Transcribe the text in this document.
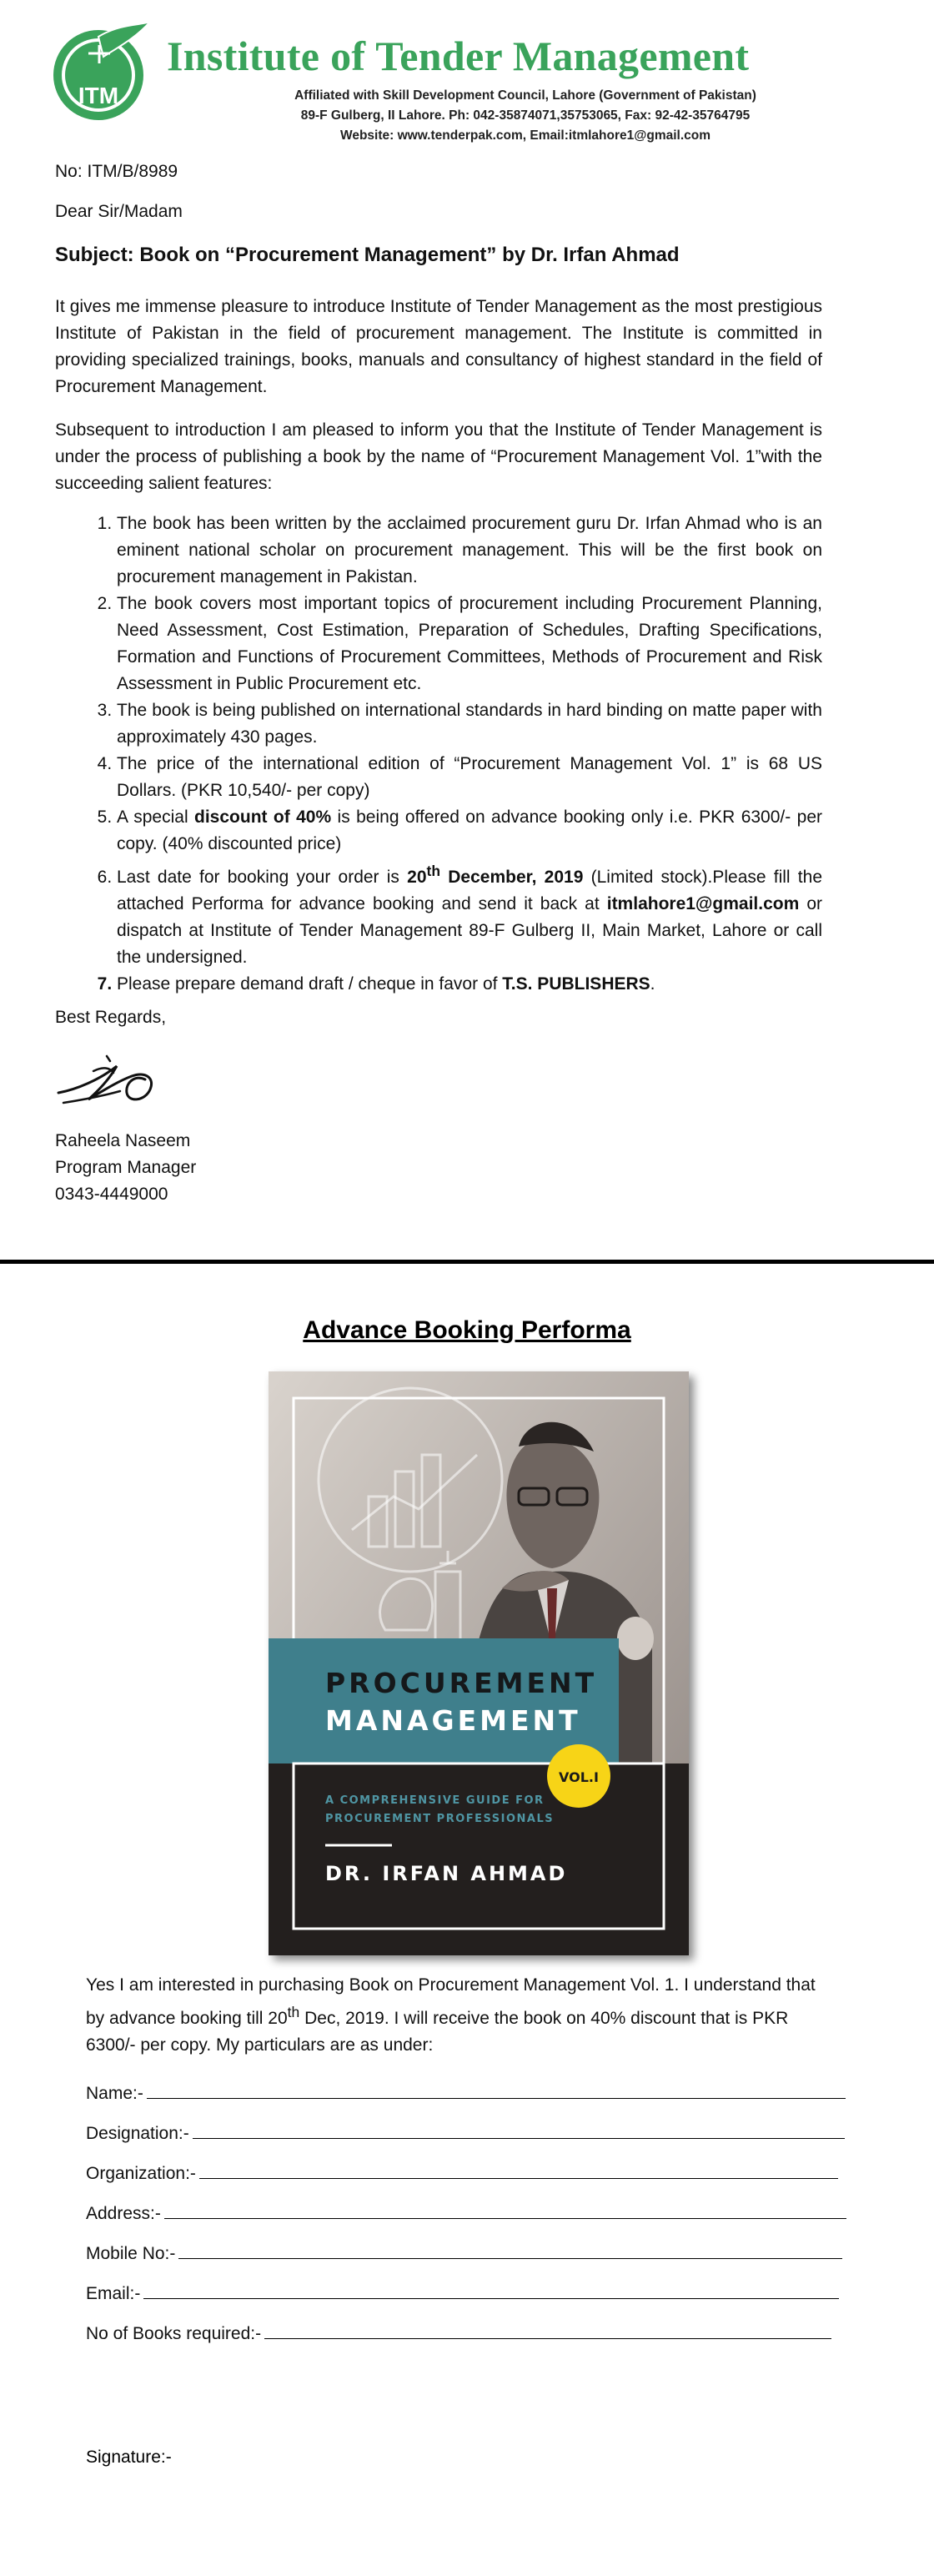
ITM
Institute of Tender Management
Affiliated with Skill Development Council, Lahore (Government of Pakistan)
89-F Gulberg, II Lahore. Ph: 042-35874071,35753065, Fax: 92-42-35764795
Website: www.tenderpak.com, Email:itmlahore1@gmail.com
No: ITM/B/8989
Dear Sir/Madam
Subject: Book on “Procurement Management” by Dr. Irfan Ahmad
It gives me immense pleasure to introduce Institute of Tender Management as the most prestigious Institute of Pakistan in the field of procurement management. The Institute is committed in providing specialized trainings, books, manuals and consultancy of highest standard in the field of Procurement Management.
Subsequent to introduction I am pleased to inform you that the Institute of Tender Management is under the process of publishing a book by the name of “Procurement Management Vol. 1”with the succeeding salient features:
1. The book has been written by the acclaimed procurement guru Dr. Irfan Ahmad who is an eminent national scholar on procurement management. This will be the first book on procurement management in Pakistan.
2. The book covers most important topics of procurement including Procurement Planning, Need Assessment, Cost Estimation, Preparation of Schedules, Drafting Specifications, Formation and Functions of Procurement Committees, Methods of Procurement and Risk Assessment in Public Procurement etc.
3. The book is being published on international standards in hard binding on matte paper with approximately 430 pages.
4. The price of the international edition of “Procurement Management Vol. 1” is 68 US Dollars. (PKR 10,540/- per copy)
5. A special discount of 40% is being offered on advance booking only i.e. PKR 6300/- per copy. (40% discounted price)
6. Last date for booking your order is 20th December, 2019 (Limited stock).Please fill the attached Performa for advance booking and send it back at itmlahore1@gmail.com or dispatch at Institute of Tender Management 89-F Gulberg II, Main Market, Lahore or call the undersigned.
7. Please prepare demand draft / cheque in favor of T.S. PUBLISHERS.
Best Regards,
Raheela Naseem
Program Manager
0343-4449000
Advance Booking Performa
PROCUREMENT
MANAGEMENT
VOL.I
A COMPREHENSIVE GUIDE FOR
PROCUREMENT PROFESSIONALS
DR. IRFAN AHMAD
Yes I am interested in purchasing Book on Procurement Management Vol. 1. I understand that by advance booking till 20th Dec, 2019. I will receive the book on 40% discount that is PKR 6300/- per copy. My particulars are as under:
Name:-
Designation:-
Organization:-
Address:-
Mobile No:-
Email:-
No of Books required:-
Signature:-
